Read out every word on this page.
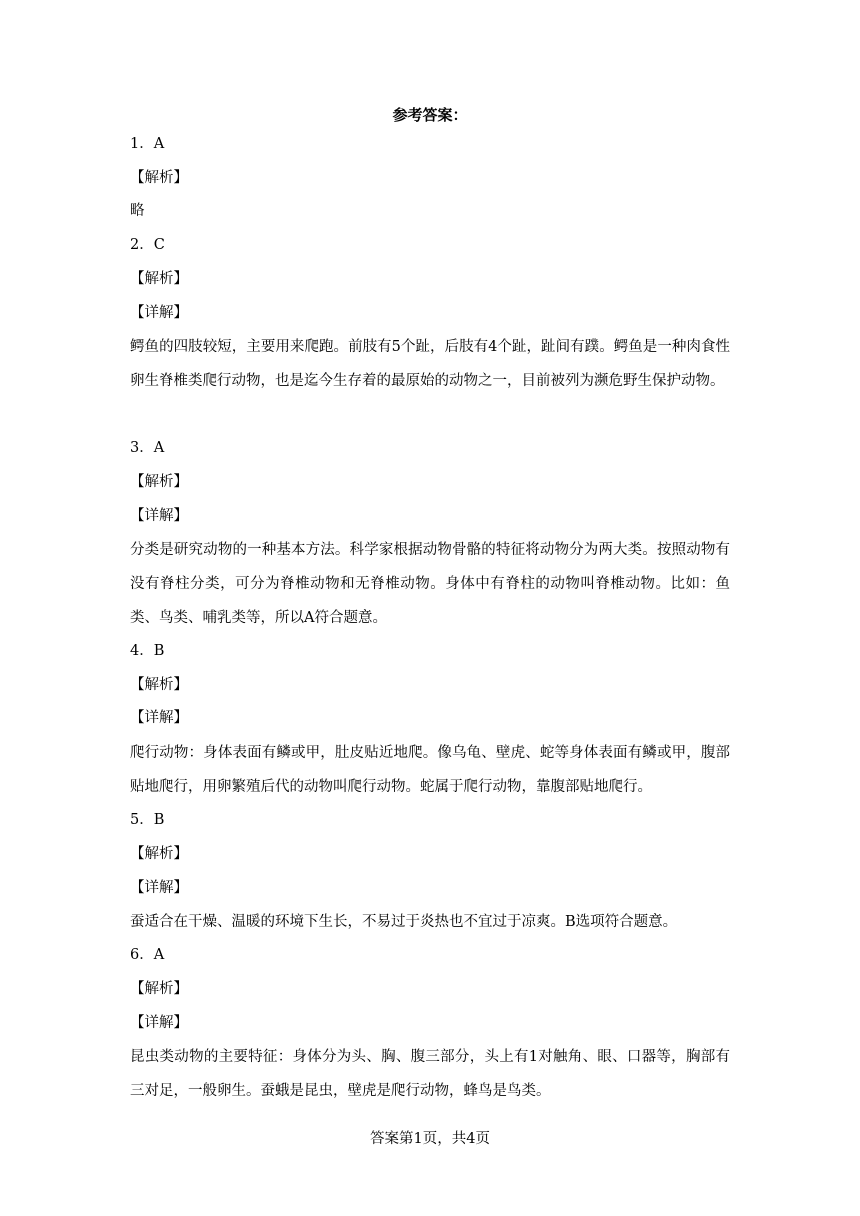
参考答案：
1．A
【解析】
略
2．C
【解析】
【详解】
鳄鱼的四肢较短，主要用来爬跑。前肢有5个趾，后肢有4个趾，趾间有蹼。鳄鱼是一种肉食性卵生脊椎类爬行动物，也是迄今生存着的最原始的动物之一，目前被列为濒危野生保护动物。
3．A
【解析】
【详解】
分类是研究动物的一种基本方法。科学家根据动物骨骼的特征将动物分为两大类。按照动物有没有脊柱分类，可分为脊椎动物和无脊椎动物。身体中有脊柱的动物叫脊椎动物。比如：鱼类、鸟类、哺乳类等，所以A符合题意。
4．B
【解析】
【详解】
爬行动物：身体表面有鳞或甲，肚皮贴近地爬。像乌龟、壁虎、蛇等身体表面有鳞或甲，腹部贴地爬行，用卵繁殖后代的动物叫爬行动物。蛇属于爬行动物，靠腹部贴地爬行。
5．B
【解析】
【详解】
蚕适合在干燥、温暖的环境下生长，不易过于炎热也不宜过于凉爽。B选项符合题意。
6．A
【解析】
【详解】
昆虫类动物的主要特征：身体分为头、胸、腹三部分，头上有1对触角、眼、口器等，胸部有三对足，一般卵生。蚕蛾是昆虫，壁虎是爬行动物，蜂鸟是鸟类。
答案第1页，共4页
